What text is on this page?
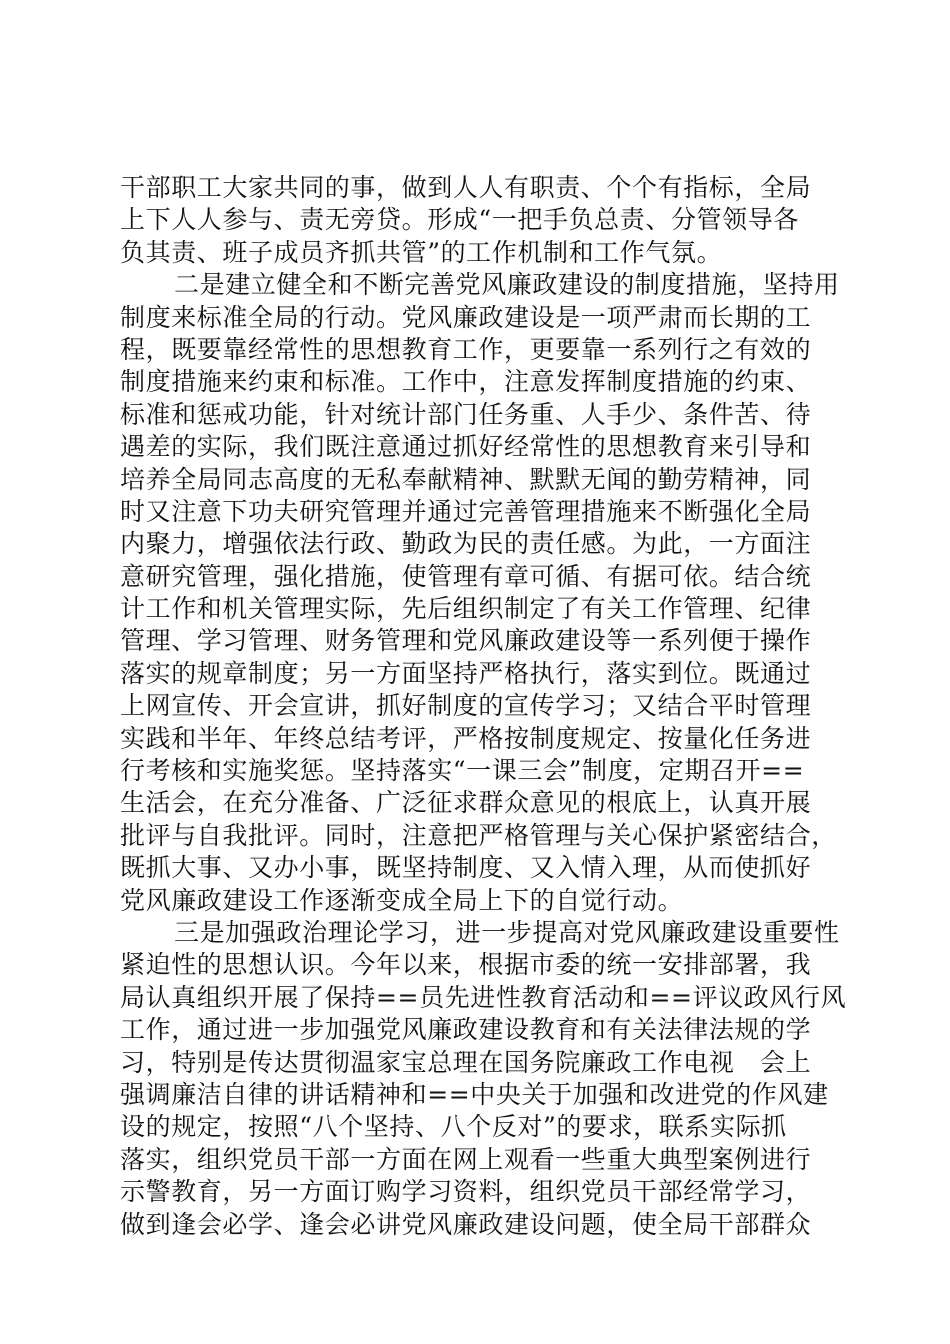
干部职工大家共同的事，做到人人有职责、个个有指标，全局
上下人人参与、责无旁贷。形成“一把手负总责、分管领导各
负其责、班子成员齐抓共管”的工作机制和工作气氛。
二是建立健全和不断完善党风廉政建设的制度措施，坚持用
制度来标准全局的行动。党风廉政建设是一项严肃而长期的工
程，既要靠经常性的思想教育工作，更要靠一系列行之有效的
制度措施来约束和标准。工作中，注意发挥制度措施的约束、
标准和惩戒功能，针对统计部门任务重、人手少、条件苦、待
遇差的实际，我们既注意通过抓好经常性的思想教育来引导和
培养全局同志高度的无私奉献精神、默默无闻的勤劳精神，同
时又注意下功夫研究管理并通过完善管理措施来不断强化全局
内聚力，增强依法行政、勤政为民的责任感。为此，一方面注
意研究管理，强化措施，使管理有章可循、有据可依。结合统
计工作和机关管理实际，先后组织制定了有关工作管理、纪律
管理、学习管理、财务管理和党风廉政建设等一系列便于操作
落实的规章制度；另一方面坚持严格执行，落实到位。既通过
上网宣传、开会宣讲，抓好制度的宣传学习；又结合平时管理
实践和半年、年终总结考评，严格按制度规定、按量化任务进
行考核和实施奖惩。坚持落实“一课三会”制度，定期召开==
生活会，在充分准备、广泛征求群众意见的根底上，认真开展
批评与自我批评。同时，注意把严格管理与关心保护紧密结合，
既抓大事、又办小事，既坚持制度、又入情入理，从而使抓好
党风廉政建设工作逐渐变成全局上下的自觉行动。
三是加强政治理论学习，进一步提高对党风廉政建设重要性
紧迫性的思想认识。今年以来，根据市委的统一安排部署，我
局认真组织开展了保持==员先进性教育活动和==评议政风行风
工作，通过进一步加强党风廉政建设教育和有关法律法规的学
习，特别是传达贯彻温家宝总理在国务院廉政工作电视　会上
强调廉洁自律的讲话精神和==中央关于加强和改进党的作风建
设的规定，按照“八个坚持、八个反对”的要求，联系实际抓
落实，组织党员干部一方面在网上观看一些重大典型案例进行
示警教育，另一方面订购学习资料，组织党员干部经常学习，
做到逢会必学、逢会必讲党风廉政建设问题，使全局干部群众
